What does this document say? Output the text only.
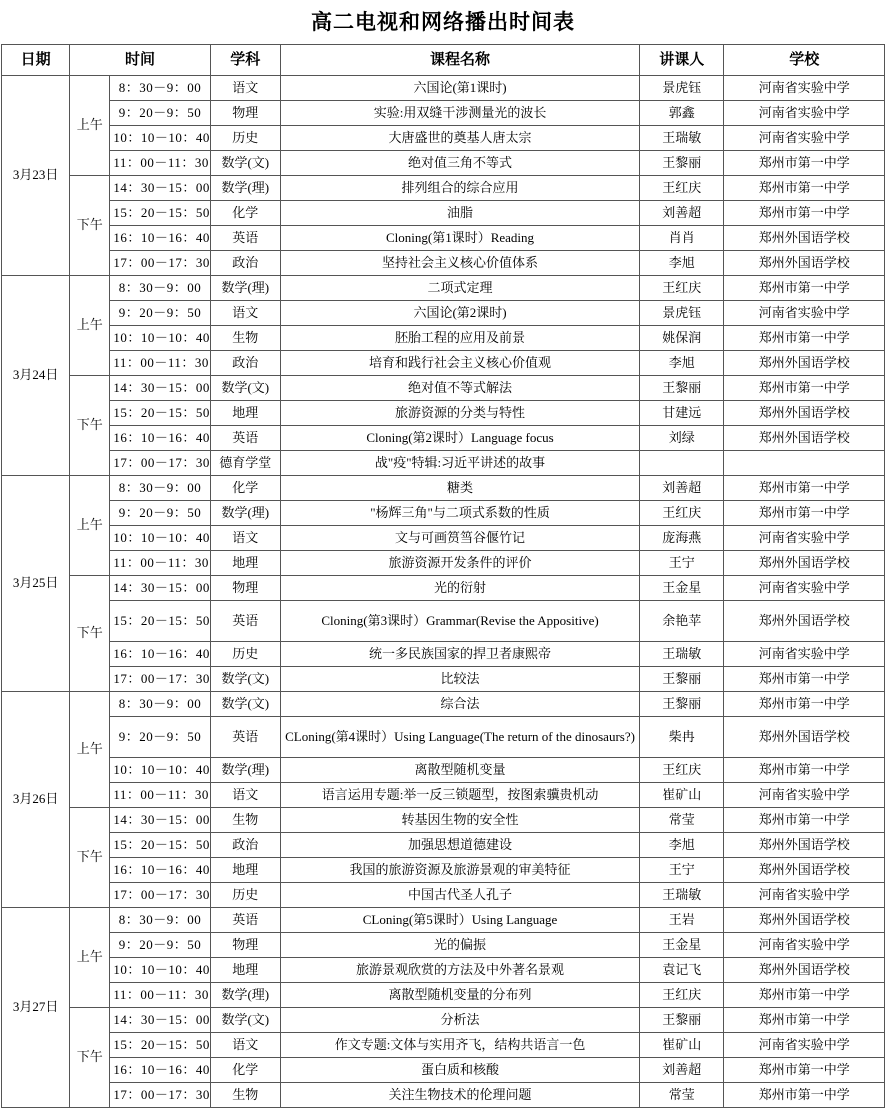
高二电视和网络播出时间表
日期	时间		学科	课程名称	讲课人	学校
3月23日	上午	8：30－9：00	语文	六国论(第1课时)	景虎钰	河南省实验中学
		9：20－9：50	物理	实验:用双缝干涉测量光的波长	郭鑫	河南省实验中学
		10：10－10：40	历史	大唐盛世的奠基人唐太宗	王瑞敏	河南省实验中学
		11：00－11：30	数学(文)	绝对值三角不等式	王黎丽	郑州市第一中学
	下午	14：30－15：00	数学(理)	排列组合的综合应用	王红庆	郑州市第一中学
		15：20－15：50	化学	油脂	刘善超	郑州市第一中学
		16：10－16：40	英语	Cloning(第1课时）Reading	肖肖	郑州外国语学校
		17：00－17：30	政治	坚持社会主义核心价值体系	李旭	郑州外国语学校
3月24日	上午	8：30－9：00	数学(理)	二项式定理	王红庆	郑州市第一中学
		9：20－9：50	语文	六国论(第2课时)	景虎钰	河南省实验中学
		10：10－10：40	生物	胚胎工程的应用及前景	姚保润	郑州市第一中学
		11：00－11：30	政治	培育和践行社会主义核心价值观	李旭	郑州外国语学校
	下午	14：30－15：00	数学(文)	绝对值不等式解法	王黎丽	郑州市第一中学
		15：20－15：50	地理	旅游资源的分类与特性	甘建远	郑州外国语学校
		16：10－16：40	英语	Cloning(第2课时）Language focus	刘绿	郑州外国语学校
		17：00－17：30	德育学堂	战"疫"特辑:习近平讲述的故事		
3月25日	上午	8：30－9：00	化学	糖类	刘善超	郑州市第一中学
		9：20－9：50	数学(理)	"杨辉三角"与二项式系数的性质	王红庆	郑州市第一中学
		10：10－10：40	语文	文与可画筼筜谷偃竹记	庞海燕	河南省实验中学
		11：00－11：30	地理	旅游资源开发条件的评价	王宁	郑州外国语学校
	下午	14：30－15：00	物理	光的衍射	王金星	河南省实验中学
		15：20－15：50	英语	Cloning(第3课时）Grammar(Revise the Appositive)	余艳苹	郑州外国语学校
		16：10－16：40	历史	统一多民族国家的捍卫者康熙帝	王瑞敏	河南省实验中学
		17：00－17：30	数学(文)	比较法	王黎丽	郑州市第一中学
3月26日	上午	8：30－9：00	数学(文)	综合法	王黎丽	郑州市第一中学
		9：20－9：50	英语	CLoning(第4课时）Using Language(The return of the dinosaurs?)	柴冉	郑州外国语学校
		10：10－10：40	数学(理)	离散型随机变量	王红庆	郑州市第一中学
		11：00－11：30	语文	语言运用专题:举一反三锁题型，按图索骥贵机动	崔矿山	河南省实验中学
	下午	14：30－15：00	生物	转基因生物的安全性	常莹	郑州市第一中学
		15：20－15：50	政治	加强思想道德建设	李旭	郑州外国语学校
		16：10－16：40	地理	我国的旅游资源及旅游景观的审美特征	王宁	郑州外国语学校
		17：00－17：30	历史	中国古代圣人孔子	王瑞敏	河南省实验中学
3月27日	上午	8：30－9：00	英语	CLoning(第5课时）Using Language	王岩	郑州外国语学校
		9：20－9：50	物理	光的偏振	王金星	河南省实验中学
		10：10－10：40	地理	旅游景观欣赏的方法及中外著名景观	袁记飞	郑州外国语学校
		11：00－11：30	数学(理)	离散型随机变量的分布列	王红庆	郑州市第一中学
	下午	14：30－15：00	数学(文)	分析法	王黎丽	郑州市第一中学
		15：20－15：50	语文	作文专题:文体与实用齐飞，结构共语言一色	崔矿山	河南省实验中学
		16：10－16：40	化学	蛋白质和核酸	刘善超	郑州市第一中学
		17：00－17：30	生物	关注生物技术的伦理问题	常莹	郑州市第一中学
